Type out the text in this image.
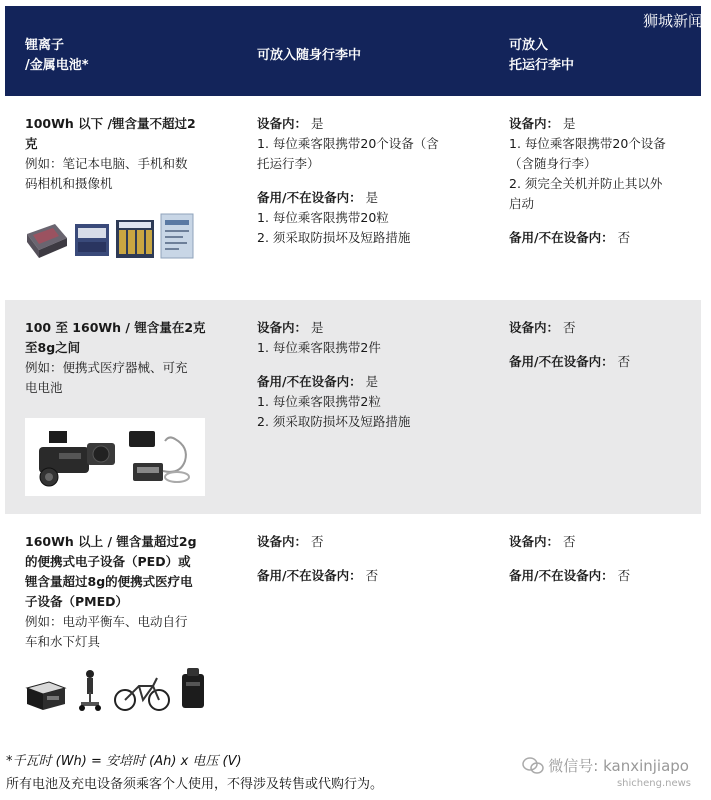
狮城新闻
锂离子
/金属电池*
可放入随身行李中
可放入
托运行李中
100Wh 以下 /锂含量不超过2
克
例如：笔记本电脑、手机和数
码相机和摄像机
设备内： 是
1. 每位乘客限携带20个设备（含
托运行李）
备用/不在设备内： 是
1. 每位乘客限携带20粒
2. 须采取防损坏及短路措施
设备内： 是
1. 每位乘客限携带20个设备
（含随身行李）
2. 须完全关机并防止其以外
启动
备用/不在设备内： 否
100 至 160Wh / 锂含量在2克
至8g之间
例如：便携式医疗器械、可充
电电池
设备内： 是
1. 每位乘客限携带2件
备用/不在设备内： 是
1. 每位乘客限携带2粒
2. 须采取防损坏及短路措施
设备内： 否
备用/不在设备内： 否
160Wh 以上 / 锂含量超过2g
的便携式电子设备（PED）或
锂含量超过8g的便携式医疗电
子设备（PMED）
例如：电动平衡车、电动自行
车和水下灯具
设备内： 否
备用/不在设备内： 否
设备内： 否
备用/不在设备内： 否
*千瓦时 (Wh) = 安培时 (Ah) x 电压 (V)
所有电池及充电设备须乘客个人使用，不得涉及转售或代购行为。
微信号: kanxinjiapo
shicheng.news
